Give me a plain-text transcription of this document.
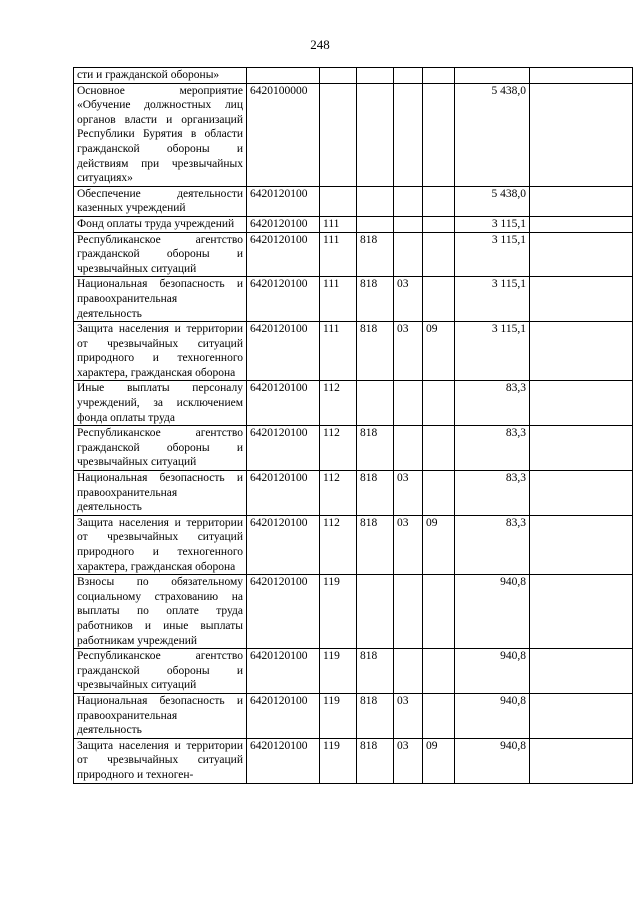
248
сти и гражданской обороны»							
Основное мероприятие «Обучение должностных лиц органов власти и организаций Республики Бурятия в области гражданской обороны и действиям при чрезвычайных ситуациях»	6420100000					5 438,0	
Обеспечение деятельности казенных учреждений	6420120100					5 438,0	
Фонд оплаты труда учреждений	6420120100	111				3 115,1	
Республиканское агентство гражданской обороны и чрезвычайных ситуаций	6420120100	111	818			3 115,1	
Национальная безопасность и правоохранительная деятельность	6420120100	111	818	03		3 115,1	
Защита населения и территории от чрезвычайных ситуаций природного и техногенного характера, гражданская оборона	6420120100	111	818	03	09	3 115,1	
Иные выплаты персоналу учреждений, за исключением фонда оплаты труда	6420120100	112				83,3	
Республиканское агентство гражданской обороны и чрезвычайных ситуаций	6420120100	112	818			83,3	
Национальная безопасность и правоохранительная деятельность	6420120100	112	818	03		83,3	
Защита населения и территории от чрезвычайных ситуаций природного и техногенного характера, гражданская оборона	6420120100	112	818	03	09	83,3	
Взносы по обязательному социальному страхованию на выплаты по оплате труда работников и иные выплаты работникам учреждений	6420120100	119				940,8	
Республиканское агентство гражданской обороны и чрезвычайных ситуаций	6420120100	119	818			940,8	
Национальная безопасность и правоохранительная деятельность	6420120100	119	818	03		940,8	
Защита населения и территории от чрезвычайных ситуаций природного и техноген-	6420120100	119	818	03	09	940,8	
